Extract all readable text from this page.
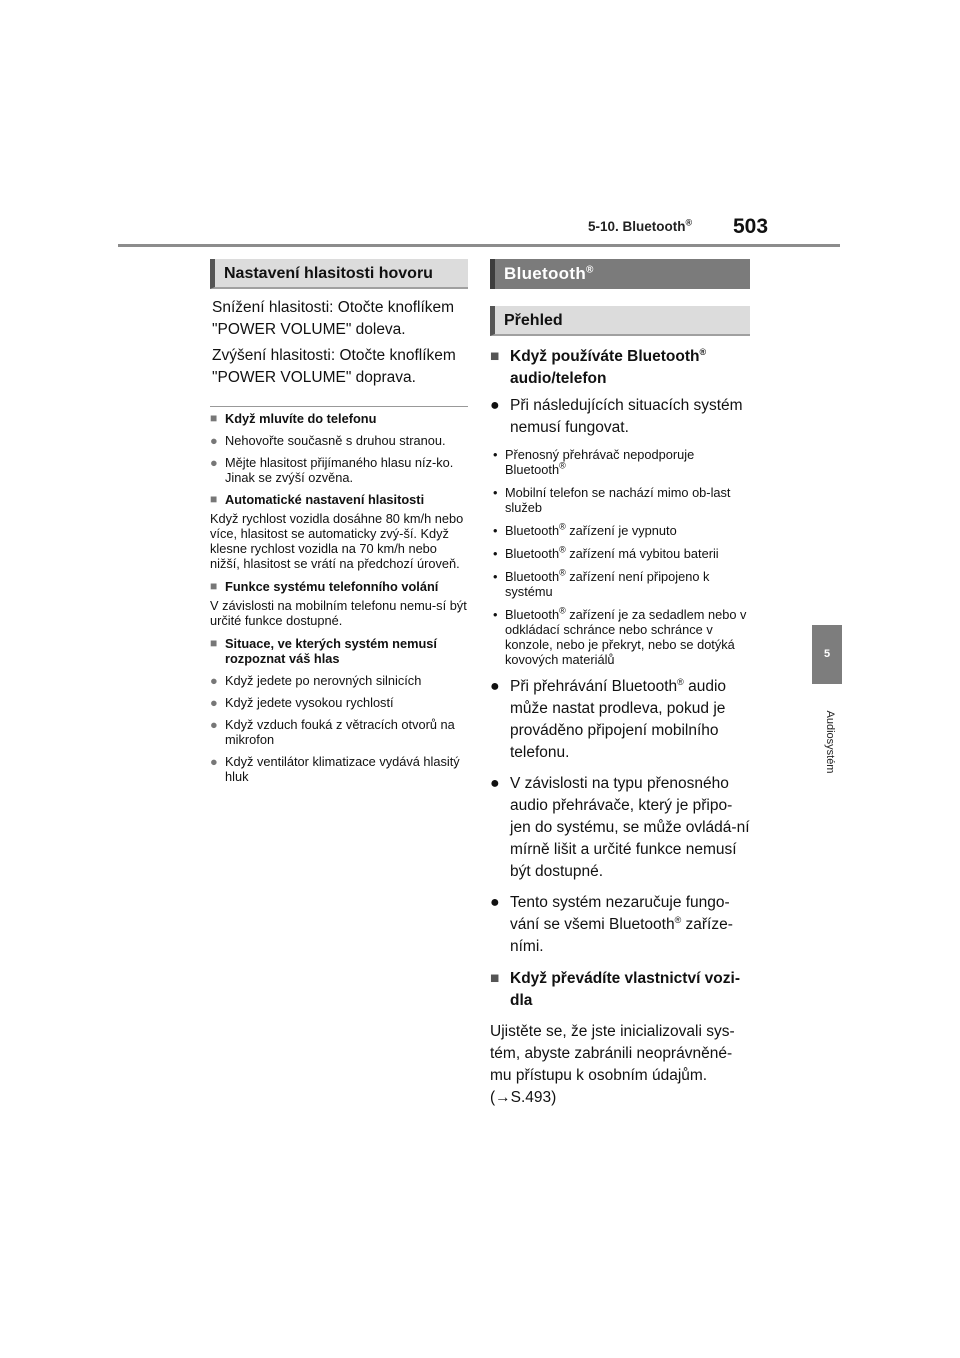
5-10. Bluetooth® 503
5
Audiosystém
Nastavení hlasitosti hovoru

Snížení hlasitosti: Otočte knoflíkem "POWER VOLUME" doleva.

Zvýšení hlasitosti: Otočte knoflíkem "POWER VOLUME" doprava.

■ Když mluvíte do telefonu
● Nehovořte současně s druhou stranou.
● Mějte hlasitost přijímaného hlasu níz-ko. Jinak se zvýší ozvěna.
■ Automatické nastavení hlasitosti

Když rychlost vozidla dosáhne 80 km/h nebo více, hlasitost se automaticky zvý-ší. Když klesne rychlost vozidla na 70 km/h nebo nižší, hlasitost se vrátí na předchozí úroveň.

■ Funkce systému telefonního volání

V závislosti na mobilním telefonu nemu-sí být určité funkce dostupné.

■ Situace, ve kterých systém nemusí rozpoznat váš hlas
● Když jedete po nerovných silnicích
● Když jedete vysokou rychlostí
● Když vzduch fouká z větracích otvorů na mikrofon
● Když ventilátor klimatizace vydává hlasitý hluk
Bluetooth®
Přehled
■ Když používáte Bluetooth®
audio/telefon
● Při následujících situacích systém nemusí fungovat.
• Přenosný přehrávač nepodporuje Bluetooth®
• Mobilní telefon se nachází mimo ob-last služeb
• Bluetooth® zařízení je vypnuto
• Bluetooth® zařízení má vybitou baterii
• Bluetooth® zařízení není připojeno k systému
• Bluetooth® zařízení je za sedadlem nebo v odkládací schránce nebo schránce v konzole, nebo je překryt, nebo se dotýká kovových materiálů
● Při přehrávání Bluetooth® audio může nastat prodleva, pokud je prováděno připojení mobilního telefonu.
● V závislosti na typu přenosného audio přehrávače, který je připo-jen do systému, se může ovládá-ní mírně lišit a určité funkce nemusí být dostupné.
● Tento systém nezaručuje fungo-vání se všemi Bluetooth® zaříze-ními.
■ Když převádíte vlastnictví vozi-dla

Ujistěte se, že jste inicializovali sys-tém, abyste zabránili neoprávněné-mu přístupu k osobním údajům.

(→S.493)
